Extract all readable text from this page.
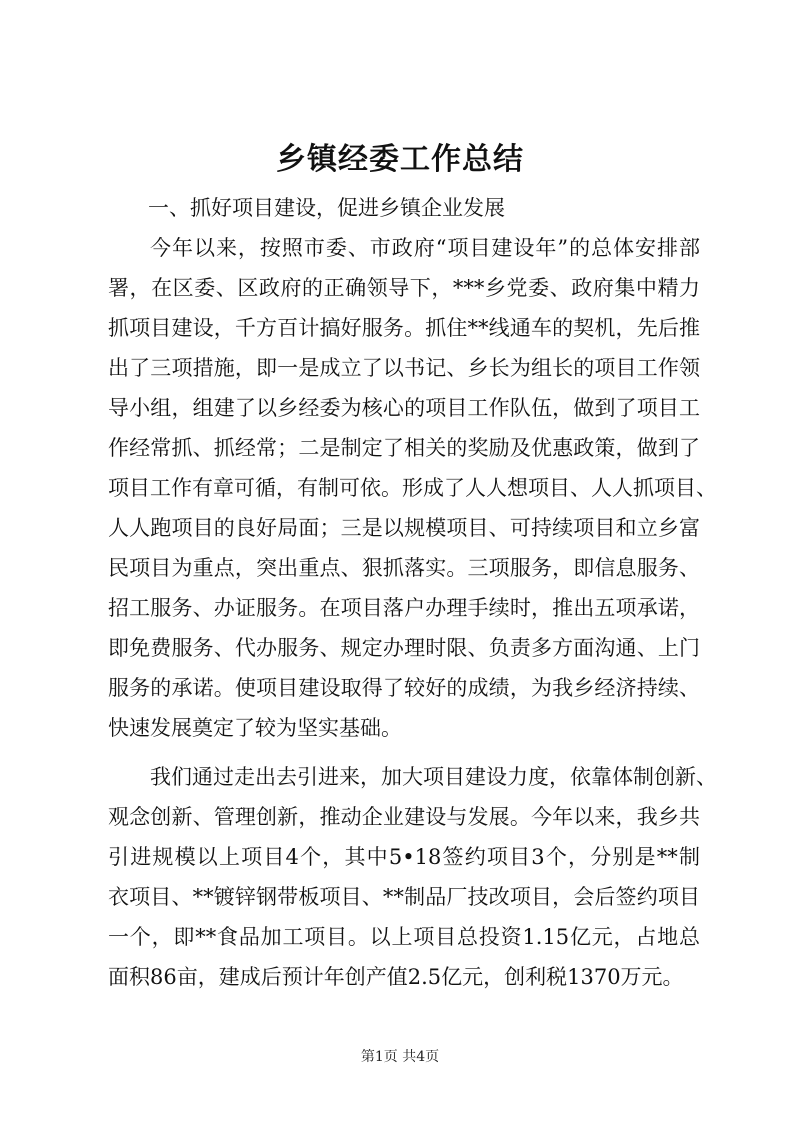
乡镇经委工作总结
一、抓好项目建设，促进乡镇企业发展
今年以来，按照市委、市政府“项目建设年”的总体安排部
署，在区委、区政府的正确领导下，***乡党委、政府集中精力
抓项目建设，千方百计搞好服务。抓住**线通车的契机，先后推
出了三项措施，即一是成立了以书记、乡长为组长的项目工作领
导小组，组建了以乡经委为核心的项目工作队伍，做到了项目工
作经常抓、抓经常；二是制定了相关的奖励及优惠政策，做到了
项目工作有章可循，有制可依。形成了人人想项目、人人抓项目、
人人跑项目的良好局面；三是以规模项目、可持续项目和立乡富
民项目为重点，突出重点、狠抓落实。三项服务，即信息服务、
招工服务、办证服务。在项目落户办理手续时，推出五项承诺，
即免费服务、代办服务、规定办理时限、负责多方面沟通、上门
服务的承诺。使项目建设取得了较好的成绩，为我乡经济持续、
快速发展奠定了较为坚实基础。
我们通过走出去引进来，加大项目建设力度，依靠体制创新、
观念创新、管理创新，推动企业建设与发展。今年以来，我乡共
引进规模以上项目4个，其中5•18签约项目3个，分别是**制
衣项目、**镀锌钢带板项目、**制品厂技改项目，会后签约项目
一个，即**食品加工项目。以上项目总投资1.15亿元，占地总
面积86亩，建成后预计年创产值2.5亿元，创利税1370万元。
第1页 共4页
